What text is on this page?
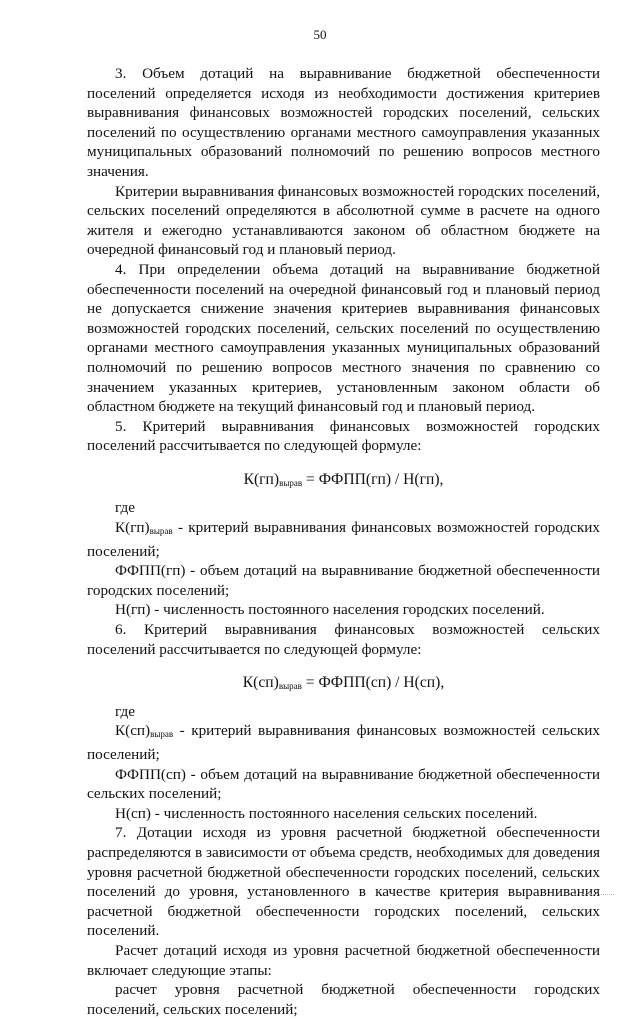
50

3. Объем дотаций на выравнивание бюджетной обеспеченности поселений определяется исходя из необходимости достижения критериев выравнивания финансовых возможностей городских поселений, сельских поселений по осуществлению органами местного самоуправления указанных муниципальных образований полномочий по решению вопросов местного значения.

Критерии выравнивания финансовых возможностей городских поселений, сельских поселений определяются в абсолютной сумме в расчете на одного жителя и ежегодно устанавливаются законом об областном бюджете на очередной финансовый год и плановый период.

4. При определении объема дотаций на выравнивание бюджетной обеспеченности поселений на очередной финансовый год и плановый период не допускается снижение значения критериев выравнивания финансовых возможностей городских поселений, сельских поселений по осуществлению органами местного самоуправления указанных муниципальных образований полномочий по решению вопросов местного значения по сравнению со значением указанных критериев, установленным законом области об областном бюджете на текущий финансовый год и плановый период.

5. Критерий выравнивания финансовых возможностей городских поселений рассчитывается по следующей формуле:

$К(гп)_{вырав}$ = ФФПП(гп) / Н(гп),

где

$К(гп)_{вырав}$ - критерий выравнивания финансовых возможностей городских поселений;

ФФПП(гп) - объем дотаций на выравнивание бюджетной обеспеченности городских поселений;

Н(гп) - численность постоянного населения городских поселений.

6. Критерий выравнивания финансовых возможностей сельских поселений рассчитывается по следующей формуле:

$К(сп)_{вырав}$ = ФФПП(сп) / Н(сп),

где

$К(сп)_{вырав}$ - критерий выравнивания финансовых возможностей сельских поселений;

ФФПП(сп) - объем дотаций на выравнивание бюджетной обеспеченности сельских поселений;

Н(сп) - численность постоянного населения сельских поселений.

7. Дотации исходя из уровня расчетной бюджетной обеспеченности распределяются в зависимости от объема средств, необходимых для доведения уровня расчетной бюджетной обеспеченности городских поселений, сельских поселений до уровня, установленного в качестве критерия выравнивания расчетной бюджетной обеспеченности городских поселений, сельских поселений.

Расчет дотаций исходя из уровня расчетной бюджетной обеспеченности включает следующие этапы:

расчет уровня расчетной бюджетной обеспеченности городских поселений, сельских поселений;
